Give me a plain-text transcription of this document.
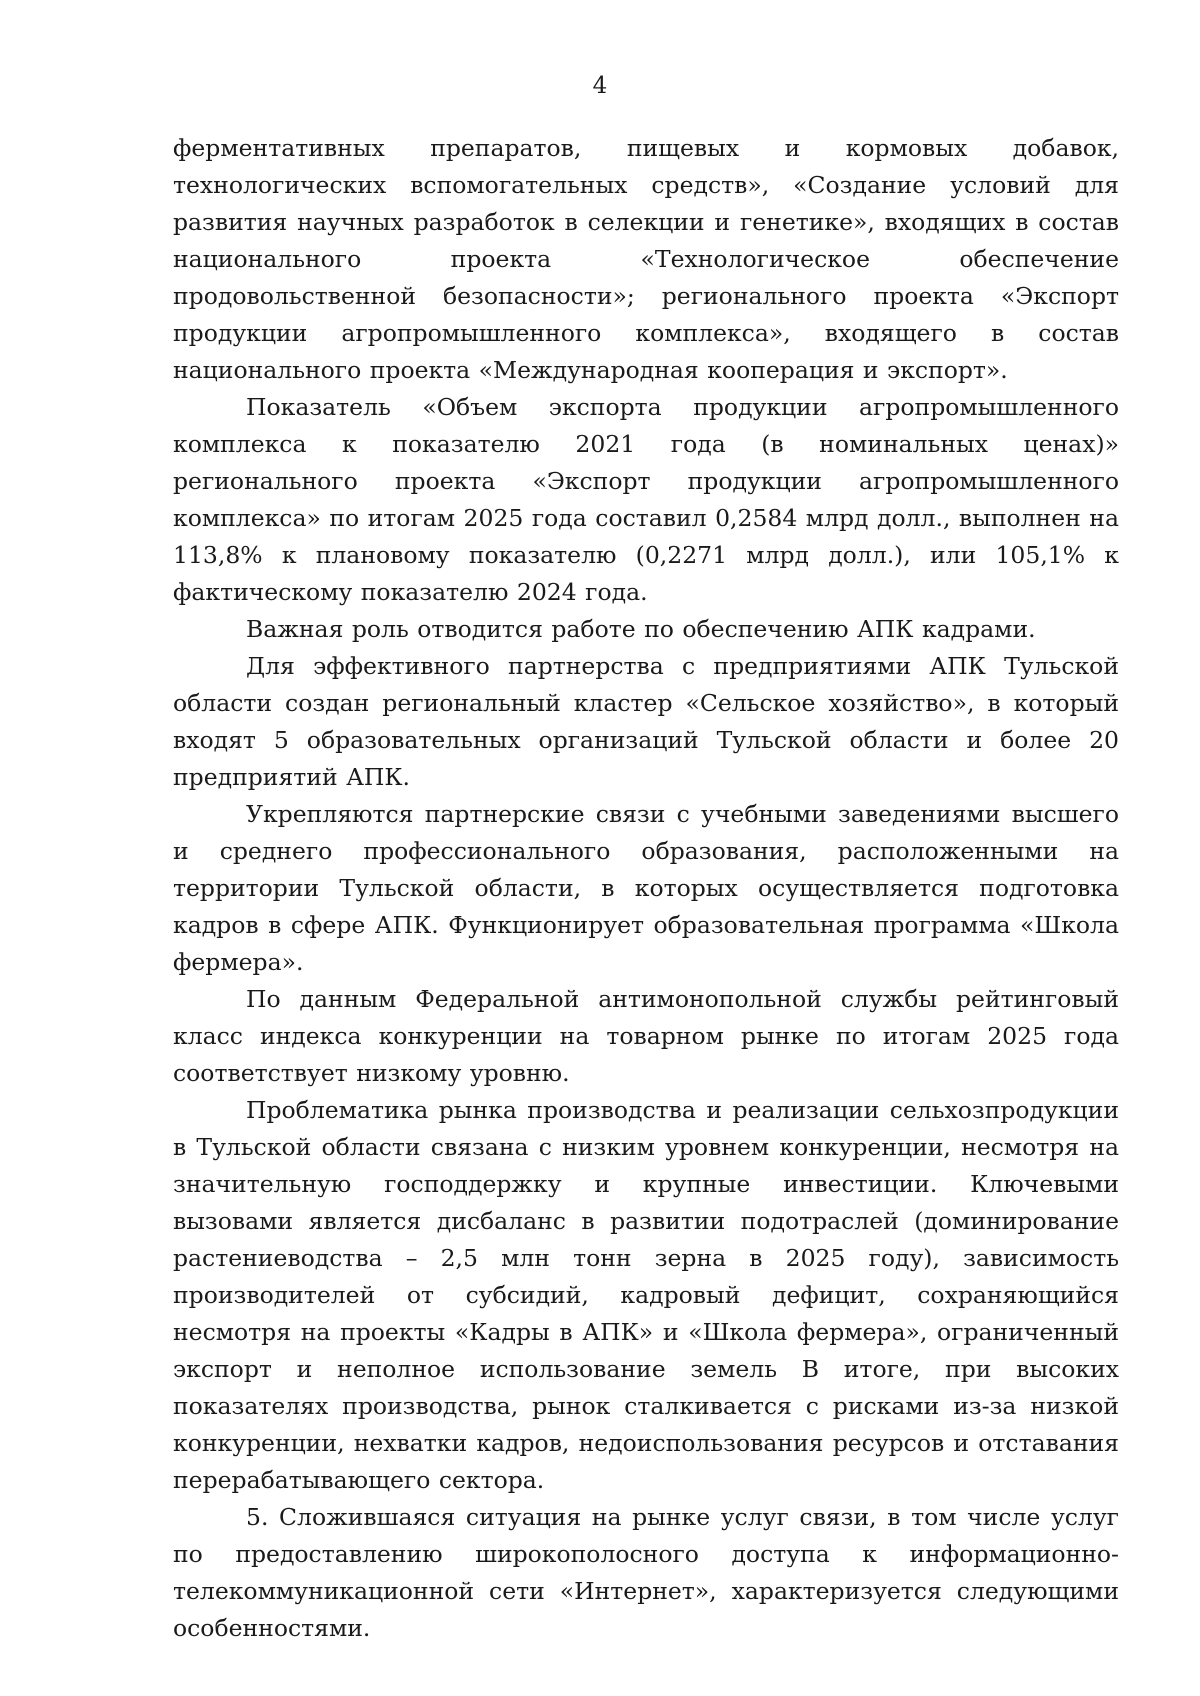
4

ферментативных препаратов, пищевых и кормовых добавок, технологических вспомогательных средств», «Создание условий для развития научных разработок в селекции и генетике», входящих в состав национального проекта «Технологическое обеспечение продовольственной безопасности»; регионального проекта «Экспорт продукции агропромышленного комплекса», входящего в состав национального проекта «Международная кооперация и экспорт».

Показатель «Объем экспорта продукции агропромышленного комплекса к показателю 2021 года (в номинальных ценах)» регионального проекта «Экспорт продукции агропромышленного комплекса» по итогам 2025 года составил 0,2584 млрд долл., выполнен на 113,8% к плановому показателю (0,2271 млрд долл.), или 105,1% к фактическому показателю 2024 года.

Важная роль отводится работе по обеспечению АПК кадрами.

Для эффективного партнерства с предприятиями АПК Тульской области создан региональный кластер «Сельское хозяйство», в который входят 5 образовательных организаций Тульской области и более 20 предприятий АПК.

Укрепляются партнерские связи с учебными заведениями высшего и среднего профессионального образования, расположенными на территории Тульской области, в которых осуществляется подготовка кадров в сфере АПК. Функционирует образовательная программа «Школа фермера».

По данным Федеральной антимонопольной службы рейтинговый класс индекса конкуренции на товарном рынке по итогам 2025 года соответствует низкому уровню.

Проблематика рынка производства и реализации сельхозпродукции в Тульской области связана с низким уровнем конкуренции, несмотря на значительную господдержку и крупные инвестиции. Ключевыми вызовами является дисбаланс в развитии подотраслей (доминирование растениеводства – 2,5 млн тонн зерна в 2025 году), зависимость производителей от субсидий, кадровый дефицит, сохраняющийся несмотря на проекты «Кадры в АПК» и «Школа фермера», ограниченный экспорт и неполное использование земель В итоге, при высоких показателях производства, рынок сталкивается с рисками из-за низкой конкуренции, нехватки кадров, недоиспользования ресурсов и отставания перерабатывающего сектора.

5. Сложившаяся ситуация на рынке услуг связи, в том числе услуг по предоставлению широкополосного доступа к информационно-телекоммуникационной сети «Интернет», характеризуется следующими особенностями.
